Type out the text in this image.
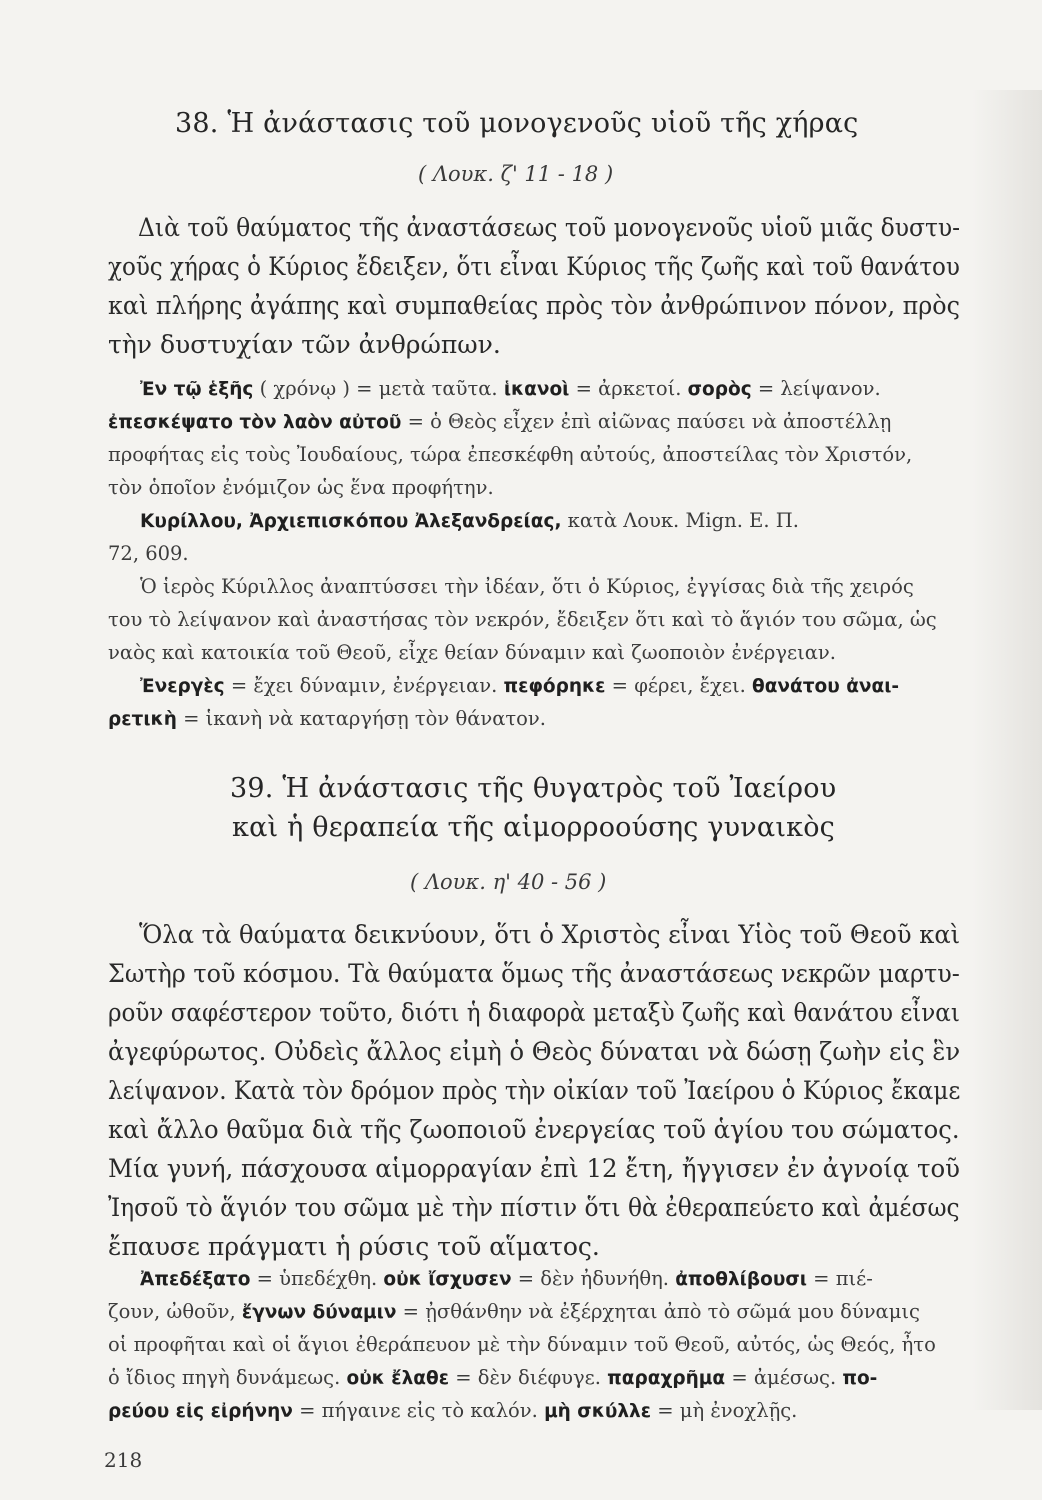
38. Ἡ ἀνάστασις τοῦ μονογενοῦς υἱοῦ τῆς χήρας
( Λουκ. ζ' 11 - 18 )
Διὰ τοῦ θαύματος τῆς ἀναστάσεως τοῦ μονογενοῦς υἱοῦ μιᾶς δυστυ-
χοῦς χήρας ὁ Κύριος ἔδειξεν, ὅτι εἶναι Κύριος τῆς ζωῆς καὶ τοῦ θανάτου
καὶ πλήρης ἀγάπης καὶ συμπαθείας πρὸς τὸν ἀνθρώπινον πόνον, πρὸς
τὴν δυστυχίαν τῶν ἀνθρώπων.
Ἐν τῷ ἑξῆς ( χρόνῳ ) = μετὰ ταῦτα. ἱκανοὶ = ἀρκετοί. σορὸς = λείψανον.
ἐπεσκέψατο τὸν λαὸν αὐτοῦ = ὁ Θεὸς εἶχεν ἐπὶ αἰῶνας παύσει νὰ ἀποστέλλῃ
προφήτας εἰς τοὺς Ἰουδαίους, τώρα ἐπεσκέφθη αὐτούς, ἀποστείλας τὸν Χριστόν,
τὸν ὁποῖον ἐνόμιζον ὡς ἕνα προφήτην.
Κυρίλλου, Ἀρχιεπισκόπου Ἀλεξανδρείας, κατὰ Λουκ. Mign. E. Π.
72, 609.
Ὁ ἱερὸς Κύριλλος ἀναπτύσσει τὴν ἰδέαν, ὅτι ὁ Κύριος, ἐγγίσας διὰ τῆς χειρός
του τὸ λείψανον καὶ ἀναστήσας τὸν νεκρόν, ἔδειξεν ὅτι καὶ τὸ ἅγιόν του σῶμα, ὡς
ναὸς καὶ κατοικία τοῦ Θεοῦ, εἶχε θείαν δύναμιν καὶ ζωοποιὸν ἐνέργειαν.
Ἐνεργὲς = ἔχει δύναμιν, ἐνέργειαν. πεφόρηκε = φέρει, ἔχει. θανάτου ἀναι-
ρετικὴ = ἱκανὴ νὰ καταργήσῃ τὸν θάνατον.
39. Ἡ ἀνάστασις τῆς θυγατρὸς τοῦ Ἰαείρου
καὶ ἡ θεραπεία τῆς αἱμορροούσης γυναικὸς
( Λουκ. η' 40 - 56 )
Ὅλα τὰ θαύματα δεικνύουν, ὅτι ὁ Χριστὸς εἶναι Υἱὸς τοῦ Θεοῦ καὶ
Σωτὴρ τοῦ κόσμου. Τὰ θαύματα ὅμως τῆς ἀναστάσεως νεκρῶν μαρτυ-
ροῦν σαφέστερον τοῦτο, διότι ἡ διαφορὰ μεταξὺ ζωῆς καὶ θανάτου εἶναι
ἀγεφύρωτος. Οὐδεὶς ἄλλος εἰμὴ ὁ Θεὸς δύναται νὰ δώσῃ ζωὴν εἰς ἓν
λείψανον. Κατὰ τὸν δρόμον πρὸς τὴν οἰκίαν τοῦ Ἰαείρου ὁ Κύριος ἔκαμε
καὶ ἄλλο θαῦμα διὰ τῆς ζωοποιοῦ ἐνεργείας τοῦ ἁγίου του σώματος.
Μία γυνή, πάσχουσα αἱμορραγίαν ἐπὶ 12 ἔτη, ἤγγισεν ἐν ἀγνοίᾳ τοῦ
Ἰησοῦ τὸ ἅγιόν του σῶμα μὲ τὴν πίστιν ὅτι θὰ ἐθεραπεύετο καὶ ἀμέσως
ἔπαυσε πράγματι ἡ ρύσις τοῦ αἵματος.
Ἀπεδέξατο = ὑπεδέχθη. οὐκ ἴσχυσεν = δὲν ἠδυνήθη. ἀποθλίβουσι = πιέ-
ζουν, ὠθοῦν, ἔγνων δύναμιν = ᾐσθάνθην νὰ ἐξέρχηται ἀπὸ τὸ σῶμά μου δύναμις
οἱ προφῆται καὶ οἱ ἅγιοι ἐθεράπευον μὲ τὴν δύναμιν τοῦ Θεοῦ, αὐτός, ὡς Θεός, ἦτο
ὁ ἴδιος πηγὴ δυνάμεως. οὐκ ἔλαθε = δὲν διέφυγε. παραχρῆμα = ἀμέσως. πο-
ρεύου εἰς εἰρήνην = πήγαινε εἰς τὸ καλόν. μὴ σκύλλε = μὴ ἐνοχλῇς.
218
